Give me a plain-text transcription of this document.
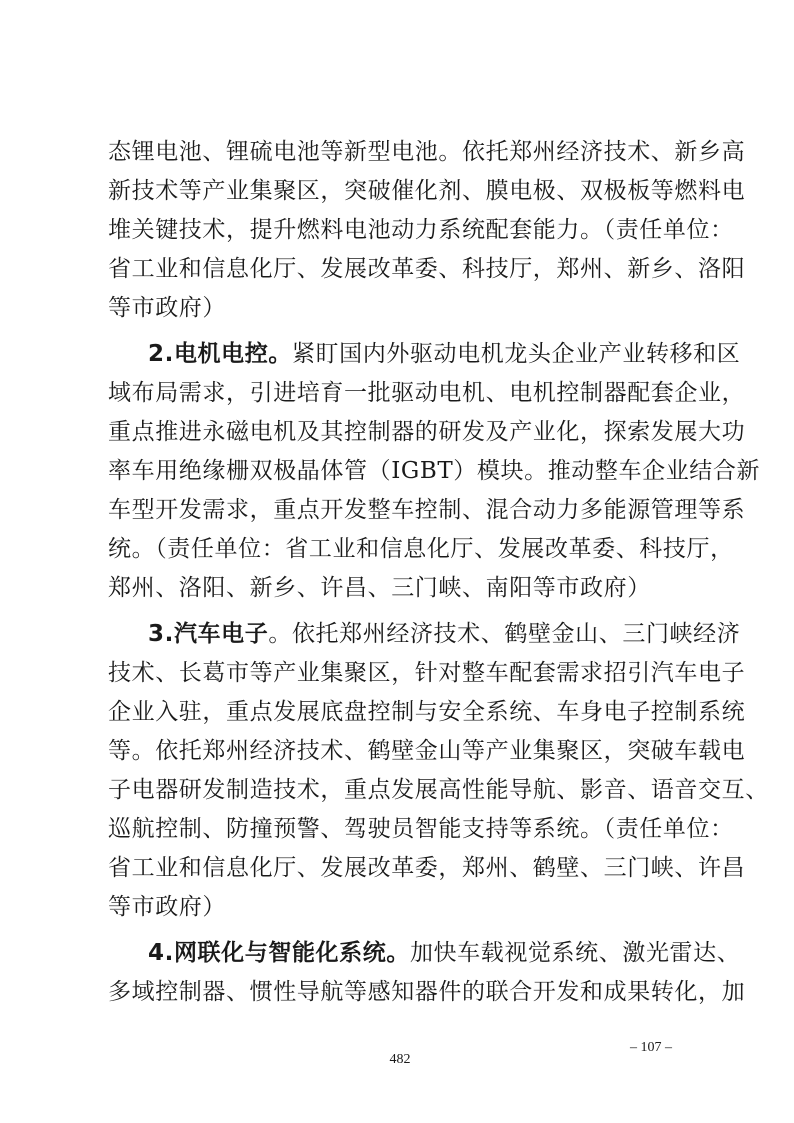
态锂电池、锂硫电池等新型电池。依托郑州经济技术、新乡高
新技术等产业集聚区，突破催化剂、膜电极、双极板等燃料电
堆关键技术，提升燃料电池动力系统配套能力。（责任单位：
省工业和信息化厅、发展改革委、科技厅，郑州、新乡、洛阳
等市政府）
2.电机电控。紧盯国内外驱动电机龙头企业产业转移和区
域布局需求，引进培育一批驱动电机、电机控制器配套企业，
重点推进永磁电机及其控制器的研发及产业化，探索发展大功
率车用绝缘栅双极晶体管（IGBT）模块。推动整车企业结合新
车型开发需求，重点开发整车控制、混合动力多能源管理等系
统。（责任单位：省工业和信息化厅、发展改革委、科技厅，
郑州、洛阳、新乡、许昌、三门峡、南阳等市政府）
3.汽车电子。依托郑州经济技术、鹤壁金山、三门峡经济
技术、长葛市等产业集聚区，针对整车配套需求招引汽车电子
企业入驻，重点发展底盘控制与安全系统、车身电子控制系统
等。依托郑州经济技术、鹤壁金山等产业集聚区，突破车载电
子电器研发制造技术，重点发展高性能导航、影音、语音交互、
巡航控制、防撞预警、驾驶员智能支持等系统。（责任单位：
省工业和信息化厅、发展改革委，郑州、鹤壁、三门峡、许昌
等市政府）
4.网联化与智能化系统。加快车载视觉系统、激光雷达、
多域控制器、惯性导航等感知器件的联合开发和成果转化，加
– 107 –
482
